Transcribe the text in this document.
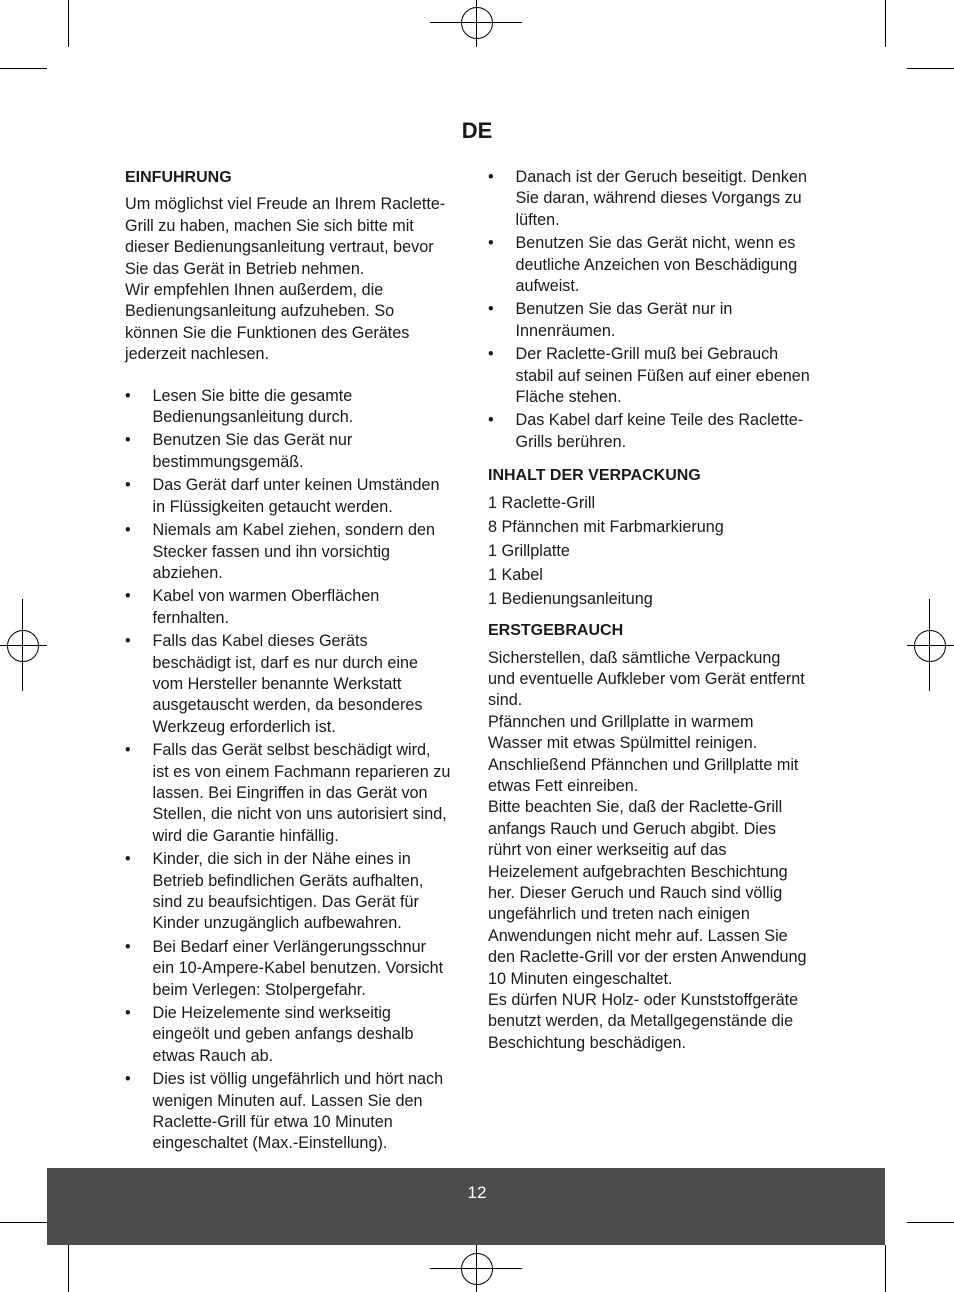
DE
EINFUHRUNG

Um möglichst viel Freude an Ihrem Raclette-
Grill zu haben, machen Sie sich bitte mit
dieser Bedienungsanleitung vertraut, bevor
Sie das Gerät in Betrieb nehmen.
Wir empfehlen Ihnen außerdem, die
Bedienungsanleitung aufzuheben. So
können Sie die Funktionen des Gerätes
jederzeit nachlesen.

• Lesen Sie bitte die gesamte
Bedienungsanleitung durch.
• Benutzen Sie das Gerät nur
bestimmungsgemäß.
• Das Gerät darf unter keinen Umständen
in Flüssigkeiten getaucht werden.
• Niemals am Kabel ziehen, sondern den
Stecker fassen und ihn vorsichtig
abziehen.
• Kabel von warmen Oberflächen
fernhalten.
• Falls das Kabel dieses Geräts
beschädigt ist, darf es nur durch eine
vom Hersteller benannte Werkstatt
ausgetauscht werden, da besonderes
Werkzeug erforderlich ist.
• Falls das Gerät selbst beschädigt wird,
ist es von einem Fachmann reparieren zu
lassen. Bei Eingriffen in das Gerät von
Stellen, die nicht von uns autorisiert sind,
wird die Garantie hinfällig.
• Kinder, die sich in der Nähe eines in
Betrieb befindlichen Geräts aufhalten,
sind zu beaufsichtigen. Das Gerät für
Kinder unzugänglich aufbewahren.
• Bei Bedarf einer Verlängerungsschnur
ein 10-Ampere-Kabel benutzen. Vorsicht
beim Verlegen: Stolpergefahr.
• Die Heizelemente sind werkseitig
eingeölt und geben anfangs deshalb
etwas Rauch ab.
• Dies ist völlig ungefährlich und hört nach
wenigen Minuten auf. Lassen Sie den
Raclette-Grill für etwa 10 Minuten
eingeschaltet (Max.-Einstellung).
• Danach ist der Geruch beseitigt. Denken
Sie daran, während dieses Vorgangs zu
lüften.
• Benutzen Sie das Gerät nicht, wenn es
deutliche Anzeichen von Beschädigung
aufweist.
• Benutzen Sie das Gerät nur in
Innenräumen.
• Der Raclette-Grill muß bei Gebrauch
stabil auf seinen Füßen auf einer ebenen
Fläche stehen.
• Das Kabel darf keine Teile des Raclette-
Grills berühren.
INHALT DER VERPACKUNG
1 Raclette-Grill
8 Pfännchen mit Farbmarkierung
1 Grillplatte
1 Kabel
1 Bedienungsanleitung
ERSTGEBRAUCH

Sicherstellen, daß sämtliche Verpackung
und eventuelle Aufkleber vom Gerät entfernt
sind.
Pfännchen und Grillplatte in warmem
Wasser mit etwas Spülmittel reinigen.
Anschließend Pfännchen und Grillplatte mit
etwas Fett einreiben.
Bitte beachten Sie, daß der Raclette-Grill
anfangs Rauch und Geruch abgibt. Dies
rührt von einer werkseitig auf das
Heizelement aufgebrachten Beschichtung
her. Dieser Geruch und Rauch sind völlig
ungefährlich und treten nach einigen
Anwendungen nicht mehr auf. Lassen Sie
den Raclette-Grill vor der ersten Anwendung
10 Minuten eingeschaltet.
Es dürfen NUR Holz- oder Kunststoffgeräte
benutzt werden, da Metallgegenstände die
Beschichtung beschädigen.

12
